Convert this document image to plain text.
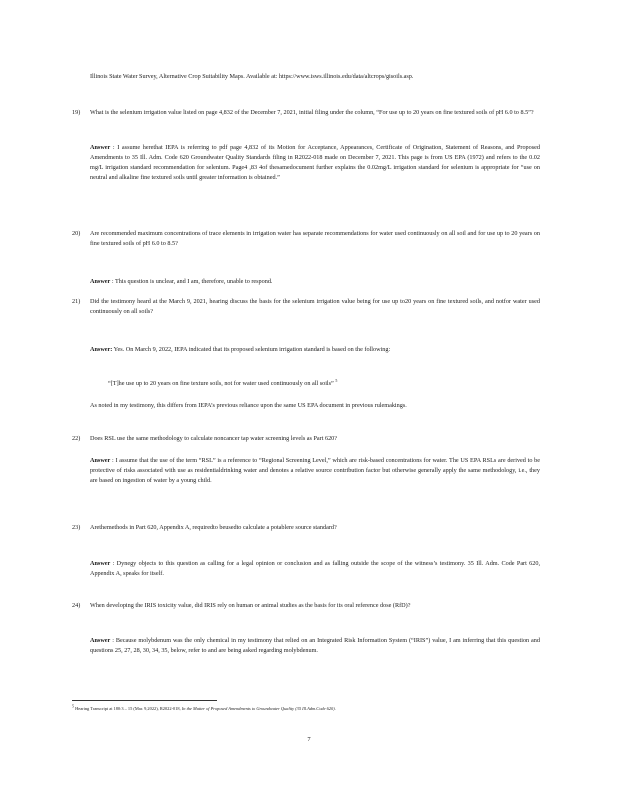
Illinois State Water Survey, Alternative Crop Suitability Maps. Available at: https://www.isws.illinois.edu/data/altcrops/gisoils.asp.
19)	What is the selenium irrigation value listed on page 4,832 of the December 7, 2021, initial filing under the column, “For use up to 20 years on fine textured soils of pH 6.0 to 8.5”?
Answer : I assume herethat IEPA is referring to pdf page 4,832 of its Motion for Acceptance, Appearances, Certificate of Origination, Statement of Reasons, and Proposed Amendments to 35 Ill. Adm. Code 620 Groundwater Quality Standards filing in R2022-018 made on December 7, 2021. This page is from US EPA (1972) and refers to the 0.02 mg/L irrigation standard recommendation for selenium. Page4 ,83 4of thesamedocument further explains the 0.02mg/L irrigation standard for selenium is appropriate for “use on neutral and alkaline fine textured soils until greater information is obtained.”
20)	Are recommended maximum concentrations of trace elements in irrigation water has separate recommendations for water used continuously on all soil and for use up to 20 years on fine textured soils of pH 6.0 to 8.5?
Answer : This question is unclear, and I am, therefore, unable to respond.
21)	Did the testimony heard at the March 9, 2021, hearing discuss the basis for the selenium irrigation value being for use up to20 years on fine textured soils, and notfor water used continuously on all soils?
Answer: Yes. On March 9, 2022, IEPA indicated that its proposed selenium irrigation standard is based on the following:
“[T]he use up to 20 years on fine texture soils, not for water used continuously on all soils” $^5$
As noted in my testimony, this differs from IEPA’s previous reliance upon the same US EPA document in previous rulemakings.
22)	Does RSL use the same methodology to calculate noncancer tap water screening levels as Part 620?
Answer : I assume that the use of the term “RSL” is a reference to “Regional Screening Level,” which are risk-based concentrations for water. The US EPA RSLs are derived to be protective of risks associated with use as residentialdrinking water and denotes a relative source contribution factor but otherwise generally apply the same methodology, i.e., they are based on ingestion of water by a young child.
23)	Arethemethods in Part 620, Appendix A, requiredto beusedto calculate a potablere source standard?
Answer : Dynegy objects to this question as calling for a legal opinion or conclusion and as falling outside the scope of the witness’s testimony. 35 Ill. Adm. Code Part 620, Appendix A, speaks for itself.
24)	When developing the IRIS toxicity value, did IRIS rely on human or animal studies as the basis for its oral reference dose (RfD)?
Answer : Because molybdenum was the only chemical in my testimony that relied on an Integrated Risk Information System (“IRIS”) value, I am inferring that this question and questions 25, 27, 28, 30, 34, 35, below, refer to and are being asked regarding molybdenum.
5 Hearing Transcript at 180:3 – 15 (Mar. 9,2022), R2022-018, In the Matter of Proposed Amendments to Groundwater Quality (35 Ill.Adm.Code 620).
7
